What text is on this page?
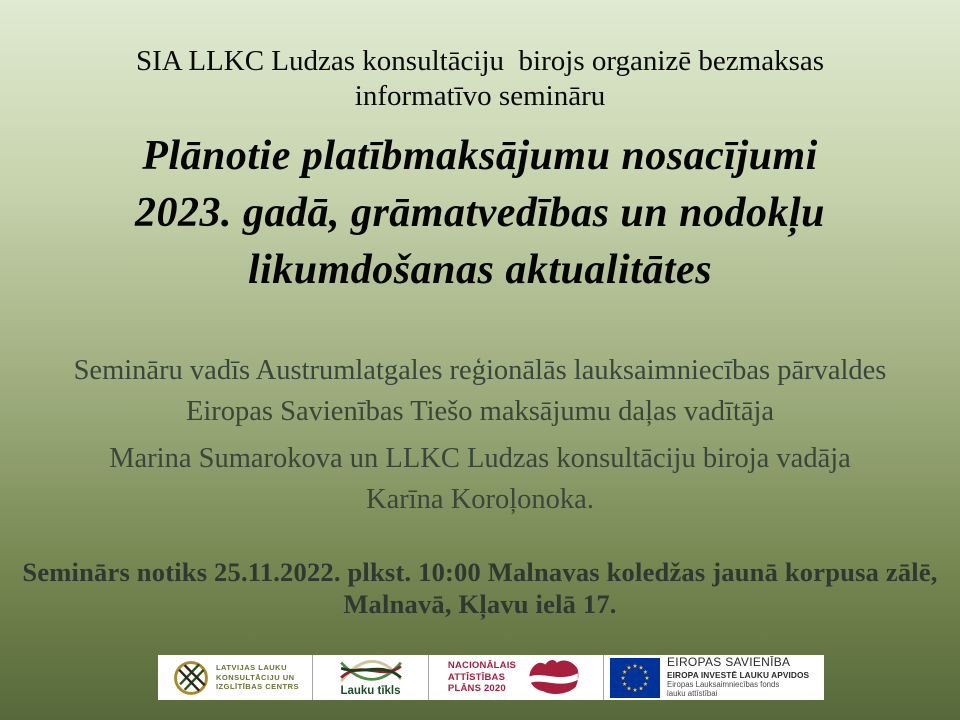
SIA LLKC Ludzas konsultāciju  birojs organizē bezmaksas
informatīvo semināru
Plānotie platībmaksājumu nosacījumi
2023. gadā, grāmatvedības un nodokļu
likumdošanas aktualitātes
Semināru vadīs Austrumlatgales reģionālās lauksaimniecības pārvaldes
Eiropas Savienības Tiešo maksājumu daļas vadītāja
Marina Sumarokova un LLKC Ludzas konsultāciju biroja vadāja
Karīna Koroļonoka.
Seminārs notiks 25.11.2022. plkst. 10:00 Malnavas koledžas jaunā korpusa zālē,
Malnavā, Kļavu ielā 17.
LATVIJAS LAUKU
KONSULTĀCIJU UN
IZGLĪTĪBAS CENTRS	Lauku tīkls
NACIONĀLAIS
ATTĪSTĪBAS
PLĀNS 2020
EIROPAS SAVIENĪBA
EIROPA INVESTĒ LAUKU APVIDOS
Eiropas Lauksaimniecības fonds
lauku attīstībai
